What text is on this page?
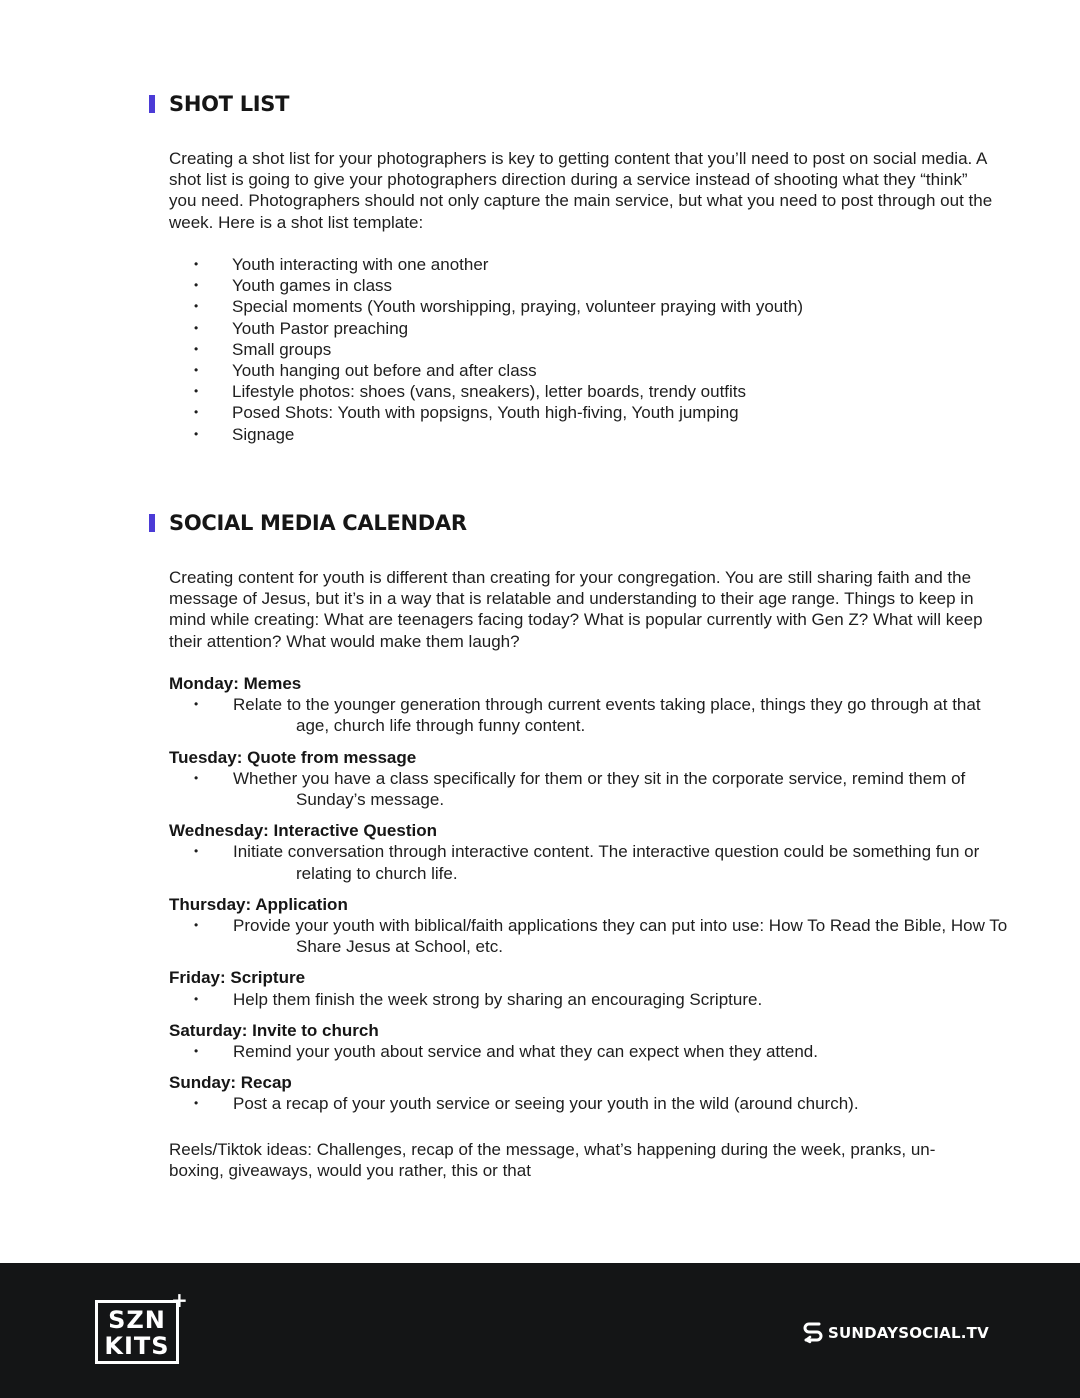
SHOT LIST

Creating a shot list for your photographers is key to getting content that you’ll need to post on social media. A shot list is going to give your photographers direction during a service instead of shooting what they “think” you need. Photographers should not only capture the main service, but what you need to post through out the week. Here is a shot list template:

• Youth interacting with one another
• Youth games in class
• Special moments (Youth worshipping, praying, volunteer praying with youth)
• Youth Pastor preaching
• Small groups
• Youth hanging out before and after class
• Lifestyle photos: shoes (vans, sneakers), letter boards, trendy outfits
• Posed Shots: Youth with popsigns, Youth high-fiving, Youth jumping
• Signage
SOCIAL MEDIA CALENDAR

Creating content for youth is different than creating for your congregation. You are still sharing faith and the message of Jesus, but it’s in a way that is relatable and understanding to their age range. Things to keep in mind while creating: What are teenagers facing today? What is popular currently with Gen Z? What will keep their attention? What would make them laugh?

Monday: Memes

• Relate to the younger generation through current events taking place, things they go through at that age, church life through funny content.

Tuesday: Quote from message

• Whether you have a class specifically for them or they sit in the corporate service, remind them of Sunday’s message.

Wednesday: Interactive Question

• Initiate conversation through interactive content. The interactive question could be something fun or relating to church life.

Thursday: Application

• Provide your youth with biblical/faith applications they can put into use: How To Read the Bible, How To Share Jesus at School, etc.

Friday: Scripture

• Help them finish the week strong by sharing an encouraging Scripture.

Saturday: Invite to church

• Remind your youth about service and what they can expect when they attend.

Sunday: Recap

• Post a recap of your youth service or seeing your youth in the wild (around church).

Reels/Tiktok ideas: Challenges, recap of the message, what’s happening during the week, pranks, un-boxing, giveaways, would you rather, this or that

SZN
KITS
+
SUNDAYSOCIAL.TV
